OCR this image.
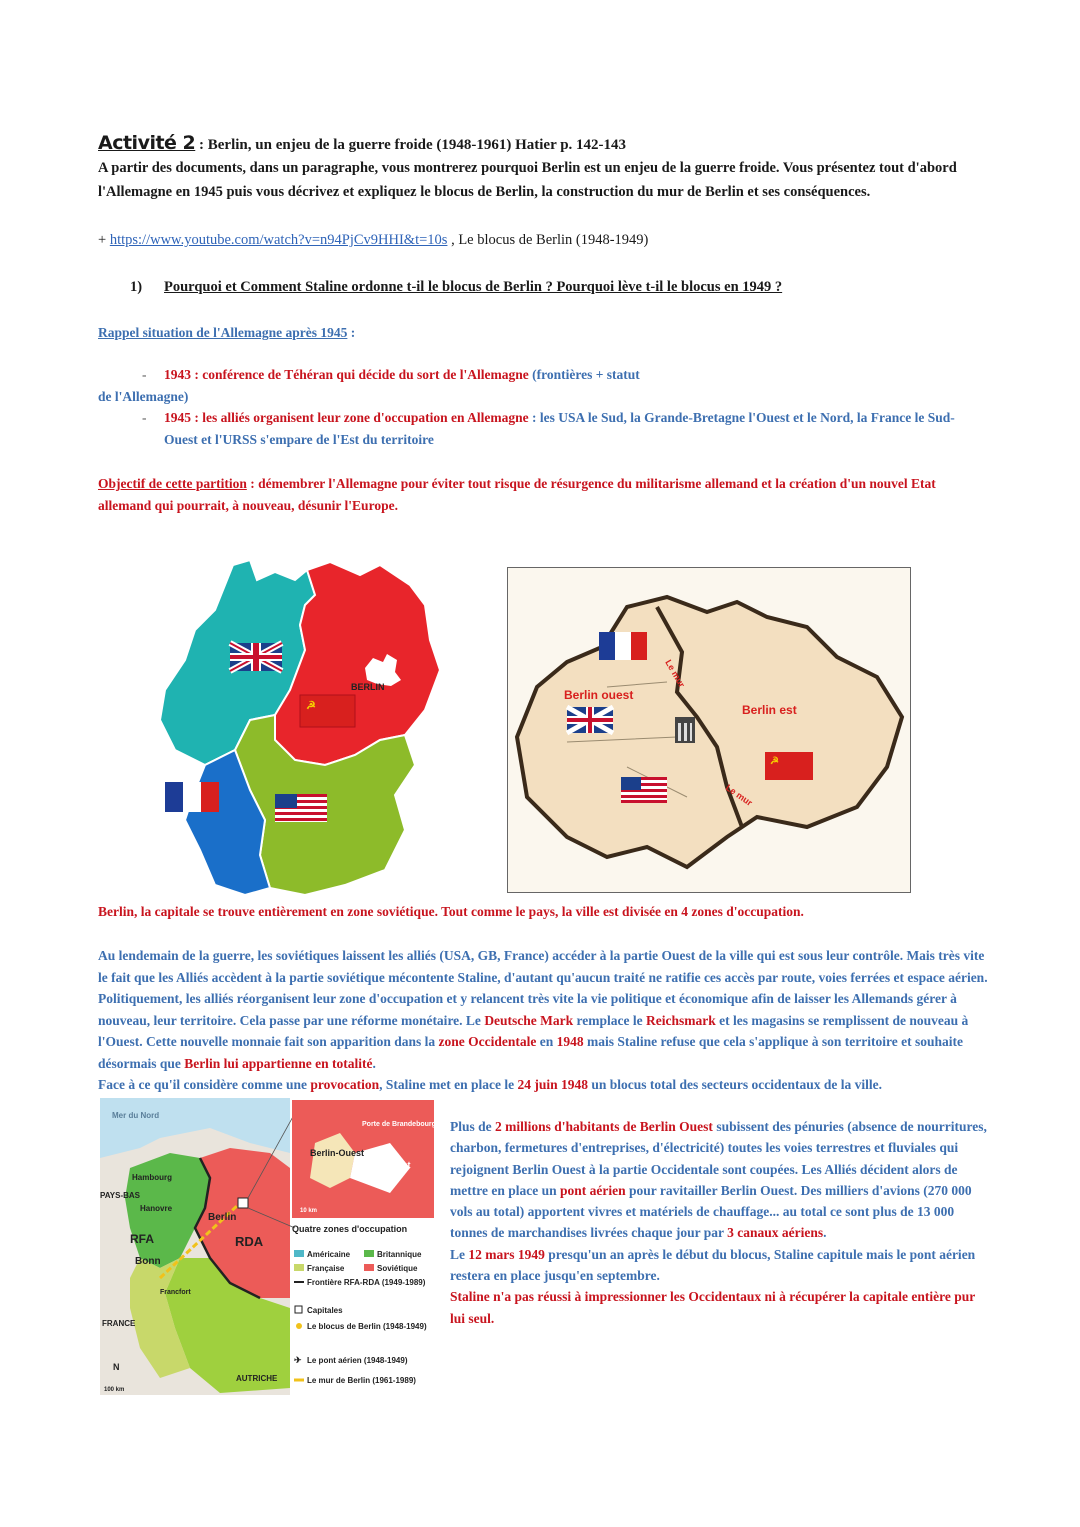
Activité 2 : Berlin, un enjeu de la guerre froide (1948-1961) Hatier p. 142-143
A partir des documents, dans un paragraphe, vous montrerez pourquoi Berlin est un enjeu de la guerre froide. Vous présentez tout d'abord l'Allemagne en 1945 puis vous décrivez et expliquez le blocus de Berlin, la construction du mur de Berlin et ses conséquences.
+ https://www.youtube.com/watch?v=n94PjCv9HHI&t=10s , Le blocus de Berlin (1948-1949)
1) Pourquoi et Comment Staline ordonne t-il le blocus de Berlin ? Pourquoi lève t-il le blocus en 1949 ?
Rappel situation de l'Allemagne après 1945 :
- 1943 : conférence de Téhéran qui décide du sort de l'Allemagne (frontières + statut
de l'Allemagne)
-	1945 : les alliés organisent leur zone d'occupation en Allemagne : les USA le Sud, la Grande-Bretagne l'Ouest et le Nord, la France le Sud-Ouest et l'URSS s'empare de l'Est du territoire
Objectif de cette partition : démembrer l'Allemagne pour éviter tout risque de résurgence du militarisme allemand et la création d'un nouvel Etat allemand qui pourrait, à nouveau, désunir l'Europe.
BERLIN
☭
Berlin ouest
Berlin est
Le mur
Le mur
☭
Berlin, la capitale se trouve entièrement en zone soviétique. Tout comme le pays, la ville est divisée en 4 zones d'occupation.

Au lendemain de la guerre, les soviétiques laissent les alliés (USA, GB, France) accéder à la partie Ouest de la ville qui est sous leur contrôle. Mais très vite le fait que les Alliés accèdent à la partie soviétique mécontente Staline, d'autant qu'aucun traité ne ratifie ces accès par route, voies ferrées et espace aérien. Politiquement, les alliés réorganisent leur zone d'occupation et y relancent très vite la vie politique et économique afin de laisser les Allemands gérer à nouveau, leur territoire. Cela passe par une réforme monétaire. Le Deutsche Mark remplace le Reichsmark et les magasins se remplissent de nouveau à l'Ouest. Cette nouvelle monnaie fait son apparition dans la zone Occidentale en 1948 mais Staline refuse que cela s'applique à son territoire et souhaite désormais que Berlin lui appartienne en totalité.

Face à ce qu'il considère comme une provocation, Staline met en place le 24 juin 1948 un blocus total des secteurs occidentaux de la ville.

Mer du Nord
PAYS-BAS
Hambourg
Hanovre
RFA
Bonn
Francfort
FRANCE
AUTRICHE
Berlin
RDA
N
100 km
Berlin-Ouest
Berlin-Est
Porte de Brandebourg
10 km
Quatre zones d'occupation
Américaine	Britannique
Française	Soviétique
Frontière RFA-RDA (1949-1989)
Capitales
Le blocus de Berlin (1948-1949)
✈ Le pont aérien (1948-1949)
Le mur de Berlin (1961-1989)

Plus de 2 millions d'habitants de Berlin Ouest subissent des pénuries (absence de nourritures, charbon, fermetures d'entreprises, d'électricité) toutes les voies terrestres et fluviales qui rejoignent Berlin Ouest à la partie Occidentale sont coupées. Les Alliés décident alors de mettre en place un pont aérien pour ravitailler Berlin Ouest. Des milliers d'avions (270 000 vols au total) apportent vivres et matériels de chauffage... au total ce sont plus de 13 000 tonnes de marchandises livrées chaque jour par 3 canaux aériens.

Le 12 mars 1949 presqu'un an après le début du blocus, Staline capitule mais le pont aérien restera en place jusqu'en septembre.

Staline n'a pas réussi à impressionner les Occidentaux ni à récupérer la capitale entière pur lui seul.
